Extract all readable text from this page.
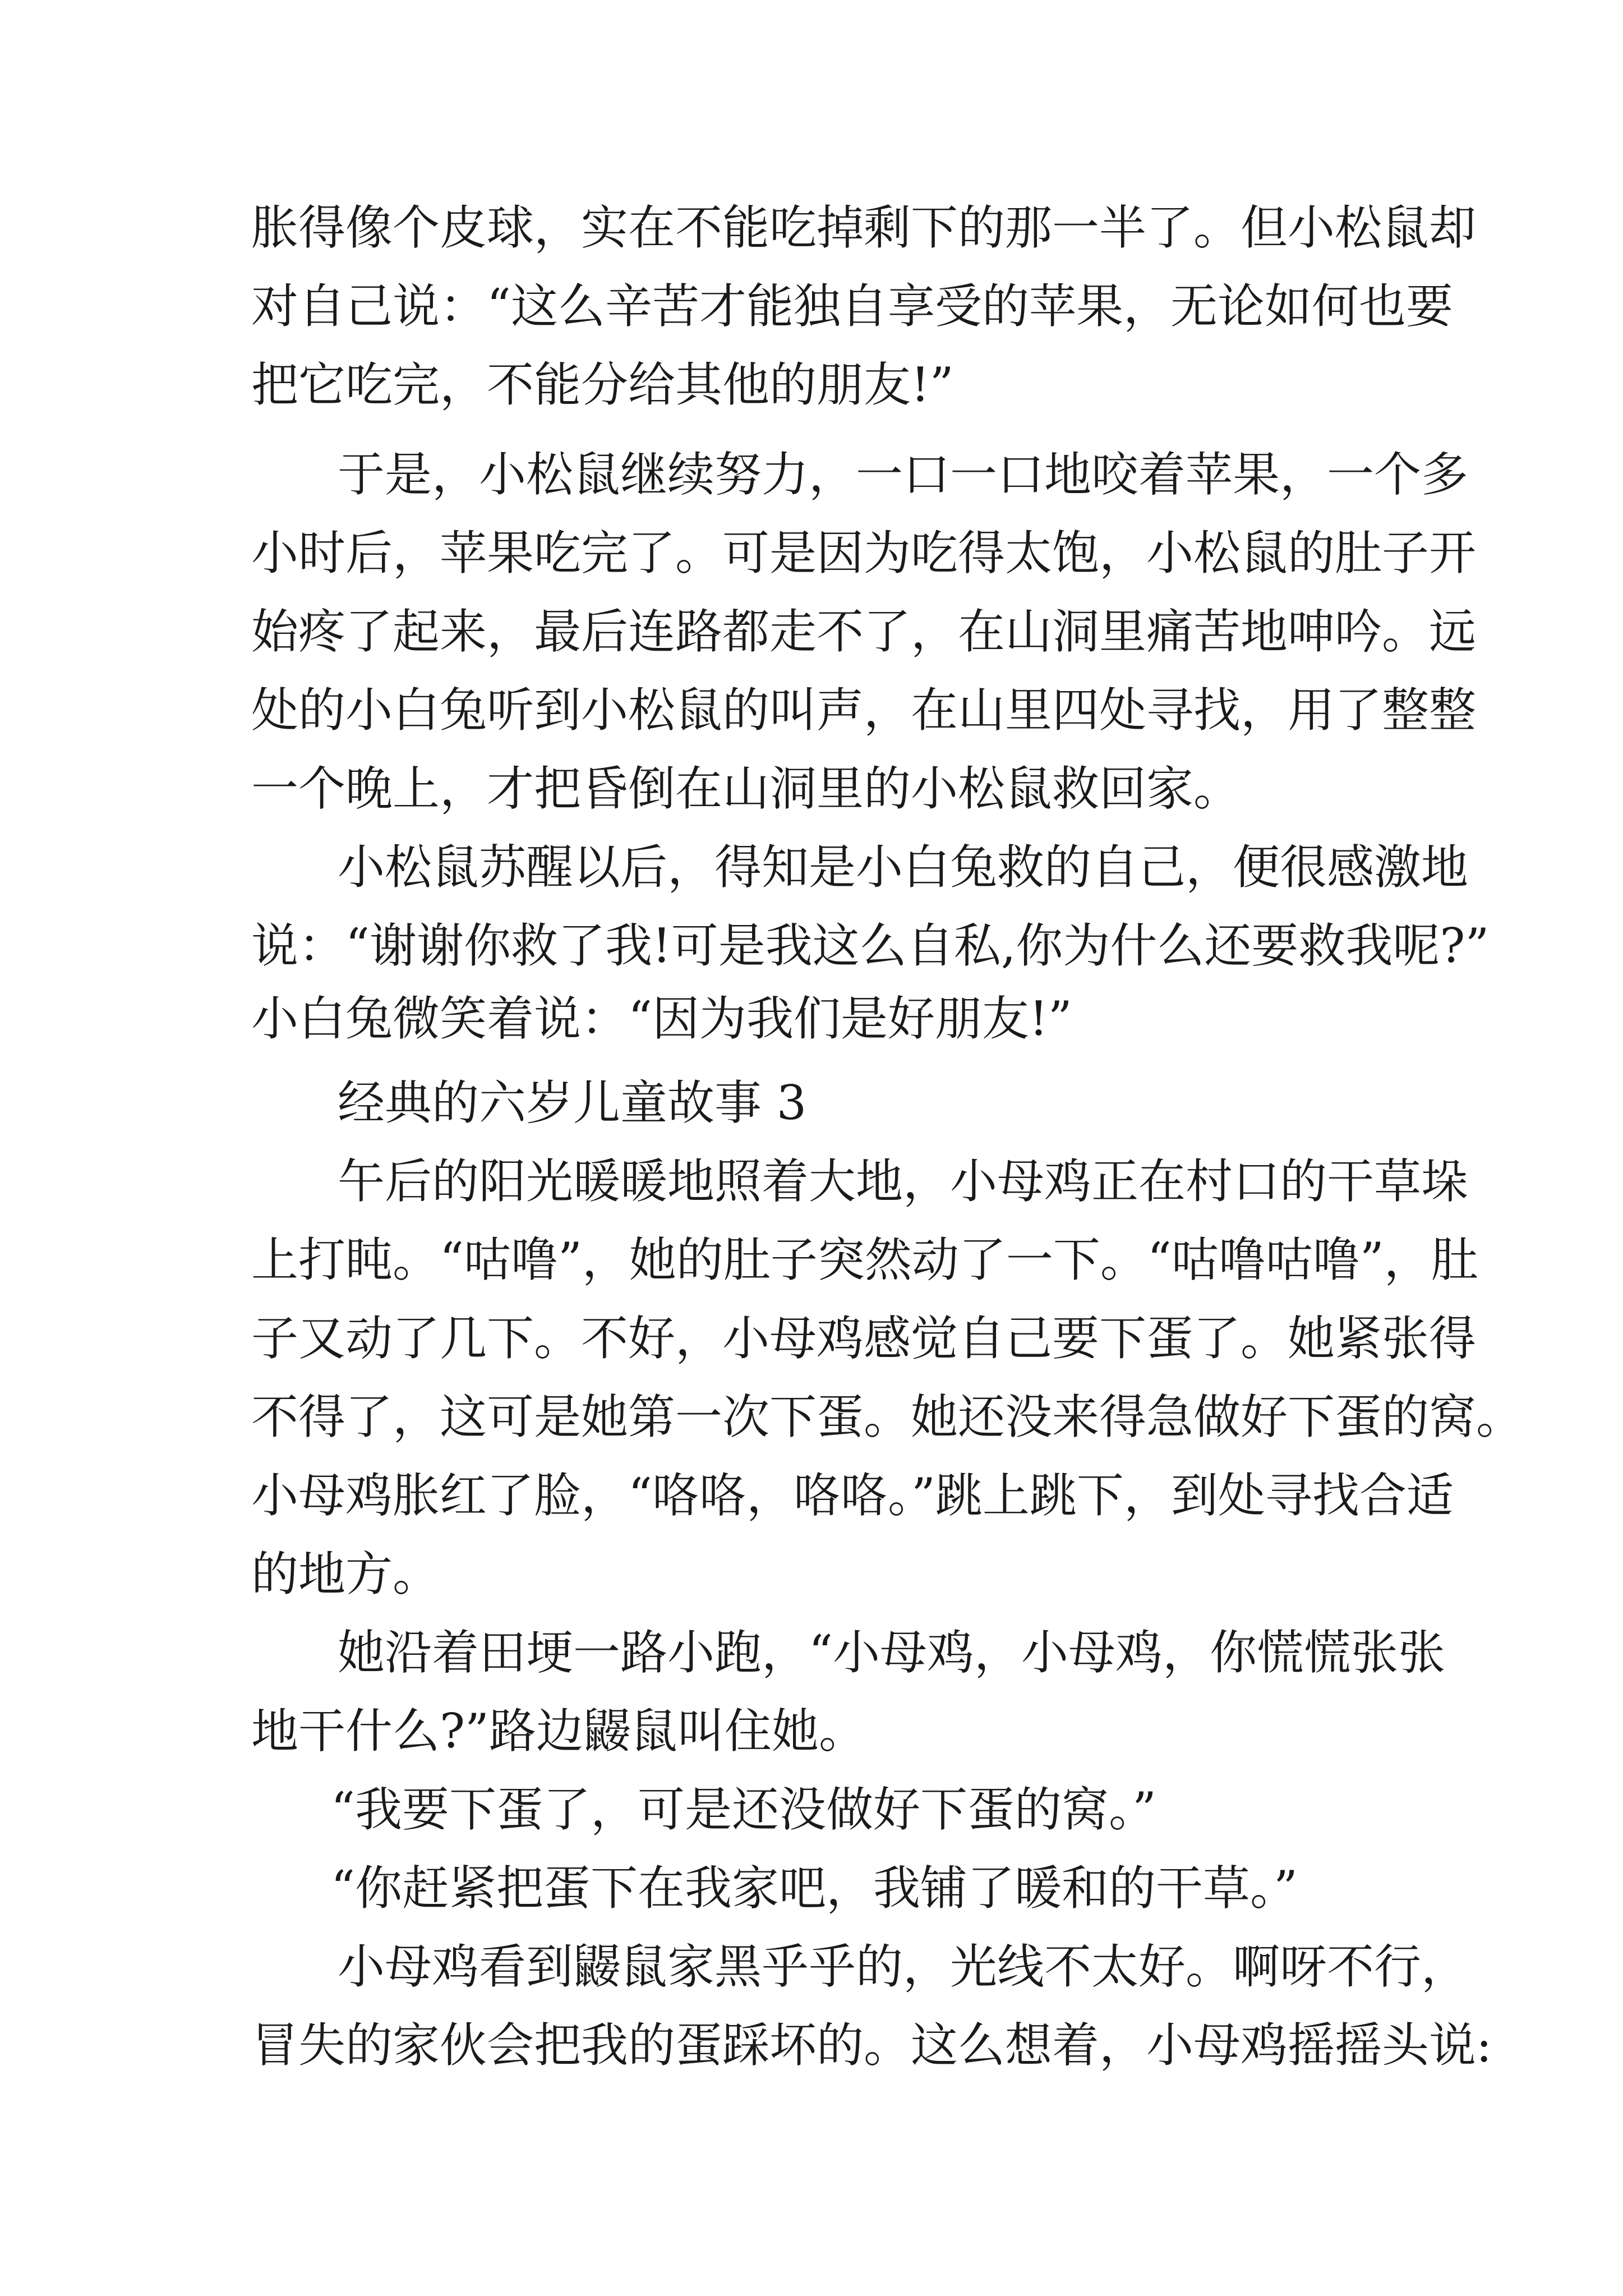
胀得像个皮球，实在不能吃掉剩下的那一半了。但小松鼠却

对自己说：“这么辛苦才能独自享受的苹果，无论如何也要

把它吃完，不能分给其他的朋友!”

于是，小松鼠继续努力，一口一口地咬着苹果，一个多

小时后，苹果吃完了。可是因为吃得太饱，小松鼠的肚子开

始疼了起来，最后连路都走不了，在山洞里痛苦地呻吟。远

处的小白兔听到小松鼠的叫声，在山里四处寻找，用了整整

一个晚上，才把昏倒在山洞里的小松鼠救回家。

小松鼠苏醒以后，得知是小白兔救的自己，便很感激地

说：“谢谢你救了我!可是我这么自私,你为什么还要救我呢?”

小白兔微笑着说：“因为我们是好朋友!”

经典的六岁儿童故事 3

午后的阳光暖暖地照着大地，小母鸡正在村口的干草垛

上打盹。“咕噜”，她的肚子突然动了一下。“咕噜咕噜”，肚

子又动了几下。不好，小母鸡感觉自己要下蛋了。她紧张得

不得了，这可是她第一次下蛋。她还没来得急做好下蛋的窝。

小母鸡胀红了脸，“咯咯，咯咯。”跳上跳下，到处寻找合适

的地方。

她沿着田埂一路小跑，“小母鸡，小母鸡，你慌慌张张

地干什么?”路边鼹鼠叫住她。

“我要下蛋了，可是还没做好下蛋的窝。”

“你赶紧把蛋下在我家吧，我铺了暖和的干草。”

小母鸡看到鼹鼠家黑乎乎的，光线不太好。啊呀不行，

冒失的家伙会把我的蛋踩坏的。这么想着，小母鸡摇摇头说:
